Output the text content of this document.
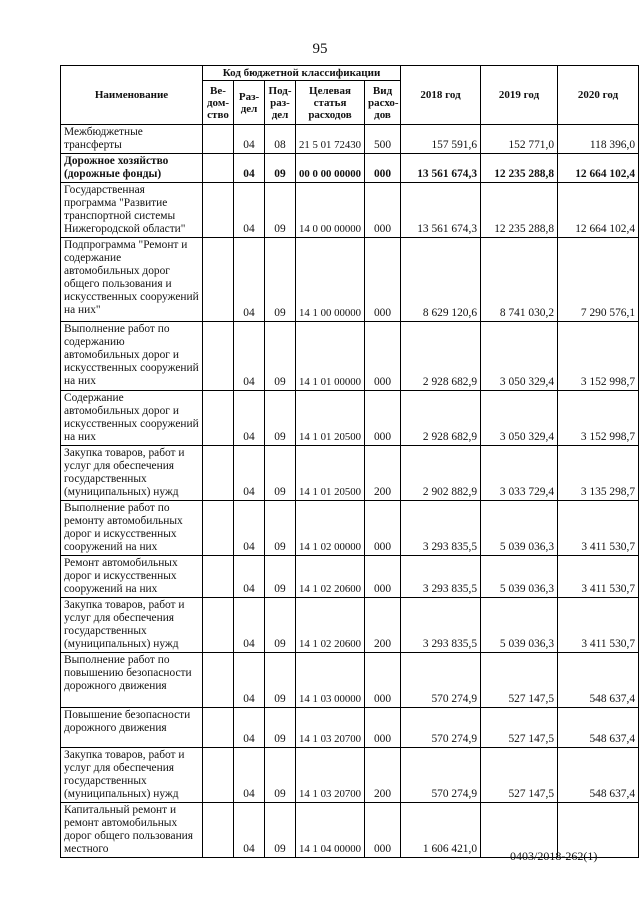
95
Наименование	Код бюджетной классификации					2018 год	2019 год	2020 год
	Ве-
дом-
ство	Раз-
дел	Под-
раз-
дел	Целевая
статья
расходов	Вид
расхо-
дов			
Межбюджетные трансферты		04	08	21 5 01 72430	500	157 591,6	152 771,0	118 396,0
Дорожное хозяйство (дорожные фонды)		04	09	00 0 00 00000	000	13 561 674,3	12 235 288,8	12 664 102,4
Государственная программа "Развитие транспортной системы Нижегородской области"		04	09	14 0 00 00000	000	13 561 674,3	12 235 288,8	12 664 102,4
Подпрограмма "Ремонт и содержание автомобильных дорог общего пользования и искусственных сооружений на них"		04	09	14 1 00 00000	000	8 629 120,6	8 741 030,2	7 290 576,1
Выполнение работ по содержанию автомобильных дорог и искусственных сооружений на них		04	09	14 1 01 00000	000	2 928 682,9	3 050 329,4	3 152 998,7
Содержание автомобильных дорог и искусственных сооружений на них		04	09	14 1 01 20500	000	2 928 682,9	3 050 329,4	3 152 998,7
Закупка товаров, работ и услуг для обеспечения государственных (муниципальных) нужд		04	09	14 1 01 20500	200	2 902 882,9	3 033 729,4	3 135 298,7
Выполнение работ по ремонту автомобильных дорог и искусственных сооружений на них		04	09	14 1 02 00000	000	3 293 835,5	5 039 036,3	3 411 530,7
Ремонт автомобильных дорог и искусственных сооружений на них		04	09	14 1 02 20600	000	3 293 835,5	5 039 036,3	3 411 530,7
Закупка товаров, работ и услуг для обеспечения государственных (муниципальных) нужд		04	09	14 1 02 20600	200	3 293 835,5	5 039 036,3	3 411 530,7
Выполнение работ по повышению безопасности дорожного движения		04	09	14 1 03 00000	000	570 274,9	527 147,5	548 637,4
Повышение безопасности дорожного движения		04	09	14 1 03 20700	000	570 274,9	527 147,5	548 637,4
Закупка товаров, работ и услуг для обеспечения государственных (муниципальных) нужд		04	09	14 1 03 20700	200	570 274,9	527 147,5	548 637,4
Капитальный ремонт и ремонт автомобильных дорог общего пользования местного		04	09	14 1 04 00000	000	1 606 421,0			0403/2018-262(1)
